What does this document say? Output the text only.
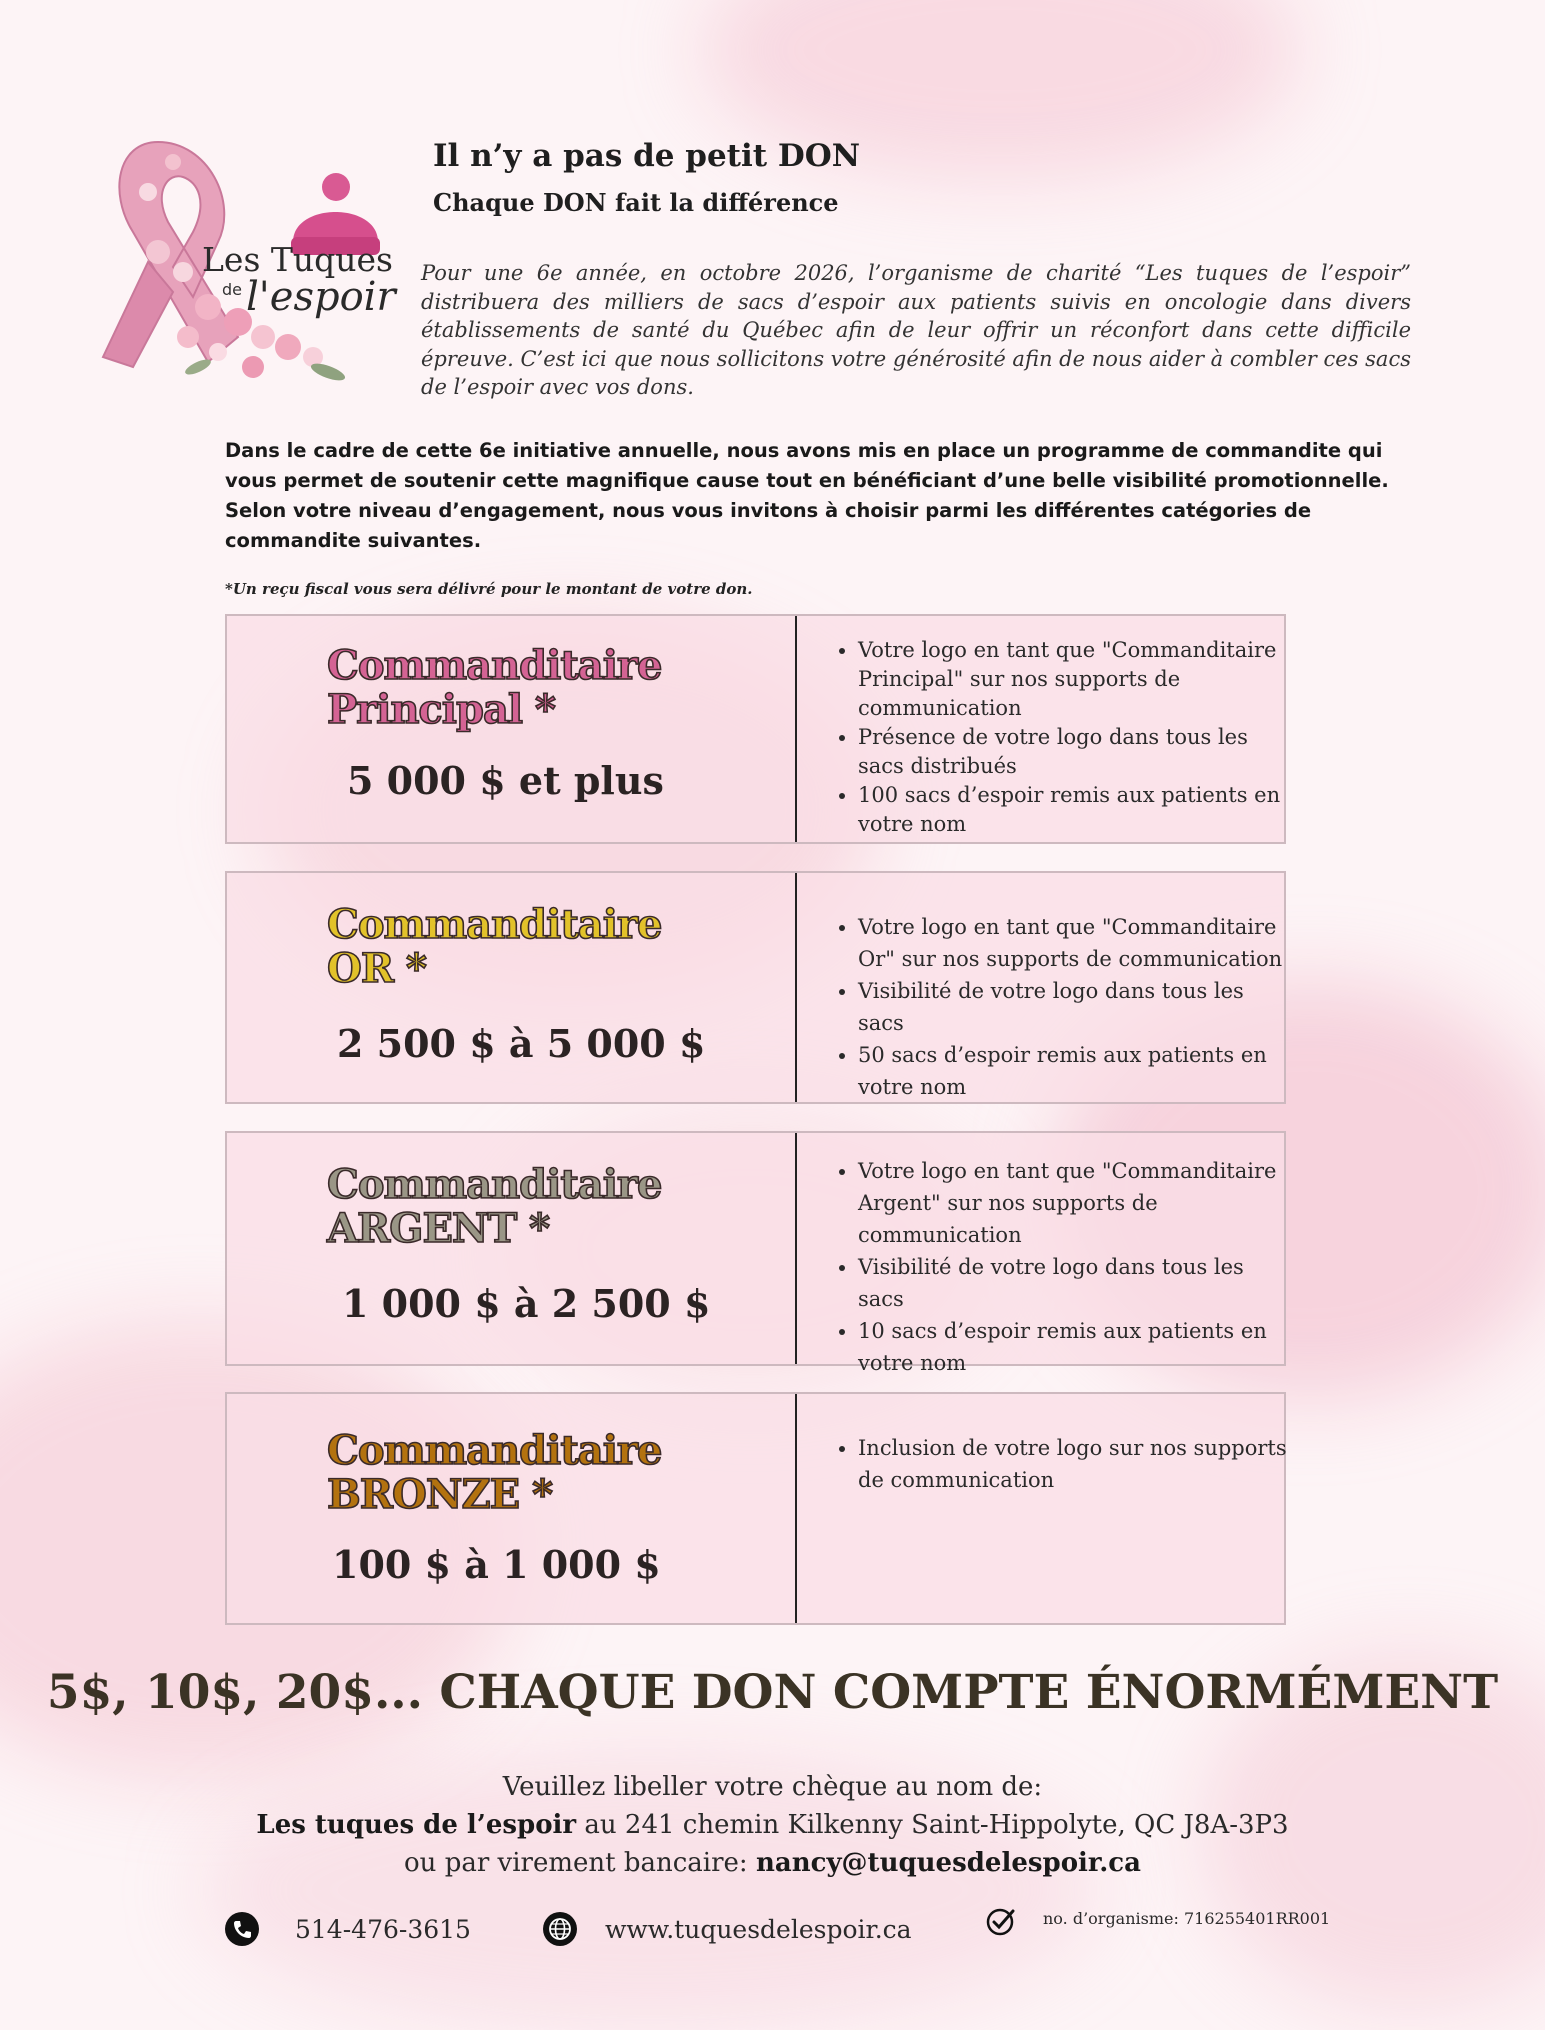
Les Tuques
de l'espoir
Il n’y a pas de petit DON
Chaque DON fait la différence

Pour une 6e année, en octobre 2026, l’organisme de charité “Les tuques de l’espoir” distribuera des milliers de sacs d’espoir aux patients suivis en oncologie dans divers établissements de santé du Québec afin de leur offrir un réconfort dans cette difficile épreuve. C’est ici que nous sollicitons votre générosité afin de nous aider à combler ces sacs de l’espoir avec vos dons.

Dans le cadre de cette 6e initiative annuelle, nous avons mis en place un programme de commandite qui vous permet de soutenir cette magnifique cause tout en bénéficiant d’une belle visibilité promotionnelle.
Selon votre niveau d’engagement, nous vous invitons à choisir parmi les différentes catégories de commandite suivantes.
*Un reçu fiscal vous sera délivré pour le montant de votre don.
Commanditaire
Principal *
5 000 $ et plus
• Votre logo en tant que "Commanditaire Principal" sur nos supports de communication
• Présence de votre logo dans tous les sacs distribués
• 100 sacs d’espoir remis aux patients en votre nom
Commanditaire
OR *
2 500 $ à 5 000 $
• Votre logo en tant que "Commanditaire Or" sur nos supports de communication
• Visibilité de votre logo dans tous les sacs
• 50 sacs d’espoir remis aux patients en votre nom
Commanditaire
ARGENT *
1 000 $ à 2 500 $
• Votre logo en tant que "Commanditaire Argent" sur nos supports de communication
• Visibilité de votre logo dans tous les sacs
• 10 sacs d’espoir remis aux patients en votre nom
Commanditaire
BRONZE *
100 $ à 1 000 $
• Inclusion de votre logo sur nos supports de communication
5$, 10$, 20$... CHAQUE DON COMPTE ÉNORMÉMENT
Veuillez libeller votre chèque au nom de:
Les tuques de l’espoir au 241 chemin Kilkenny Saint-Hippolyte, QC J8A-3P3
ou par virement bancaire: nancy@tuquesdelespoir.ca
514-476-3615	www.tuquesdelespoir.ca	no. d’organisme: 716255401RR001
